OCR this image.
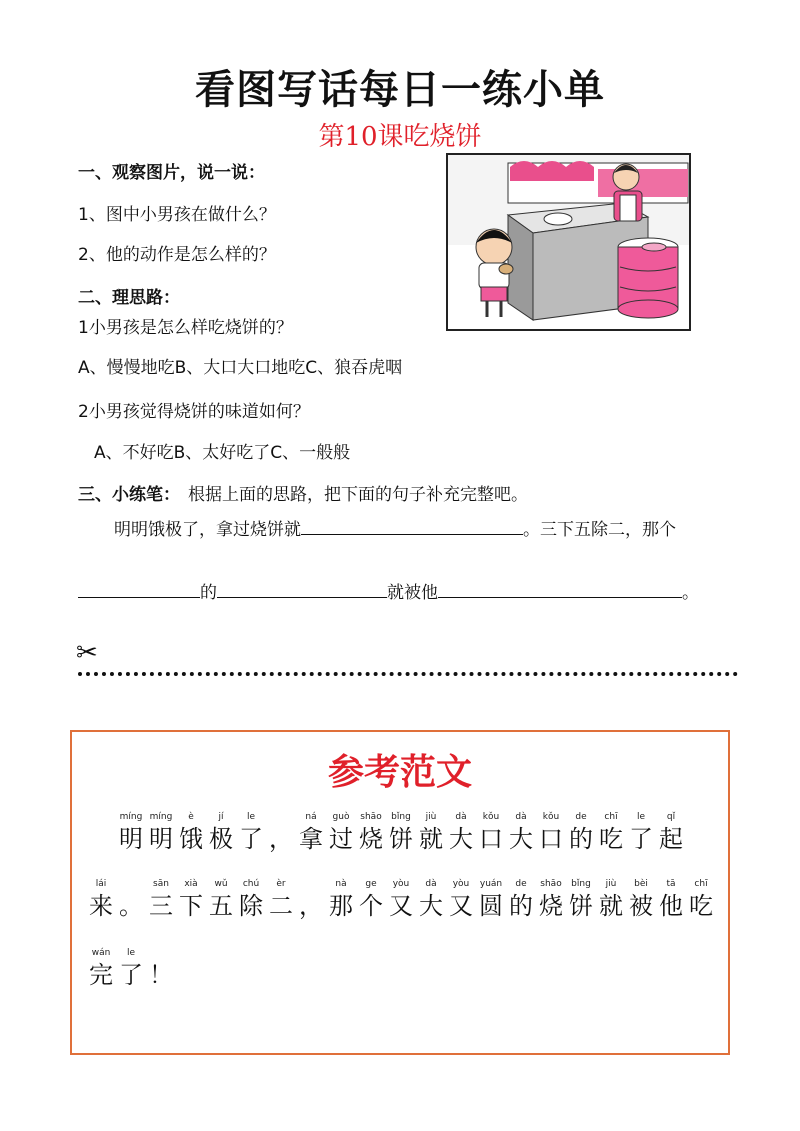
看图写话每日一练小单
第10课吃烧饼
一、观察图片，说一说：
1、图中小男孩在做什么？
2、他的动作是怎么样的？
二、理思路：
1小男孩是怎么样吃烧饼的？
A、慢慢地吃B、大口大口地吃C、狼吞虎咽
2小男孩觉得烧饼的味道如何？
A、不好吃B、太好吃了C、一般般
三、小练笔： 根据上面的思路，把下面的句子补充完整吧。
明明饿极了，拿过烧饼就	。三下五除二，那个
的	就被他	。
✂
参考范文
míng
明
míng
明
è
饿
jí
极
le
了 ，
ná
拿
guò
过
shāo
烧
bǐng
饼
jiù
就
dà
大
kǒu
口
dà
大
kǒu
口
de
的
chī
吃
le
了
qǐ
起
lái
来 。
sān
三
xià
下
wǔ
五
chú
除
èr
二 ，
nà
那
ge
个
yòu
又
dà
大
yòu
又
yuán
圆
de
的
shāo
烧
bǐng
饼
jiù
就
bèi
被
tā
他
chī
吃
wán
完
le
了 ！
